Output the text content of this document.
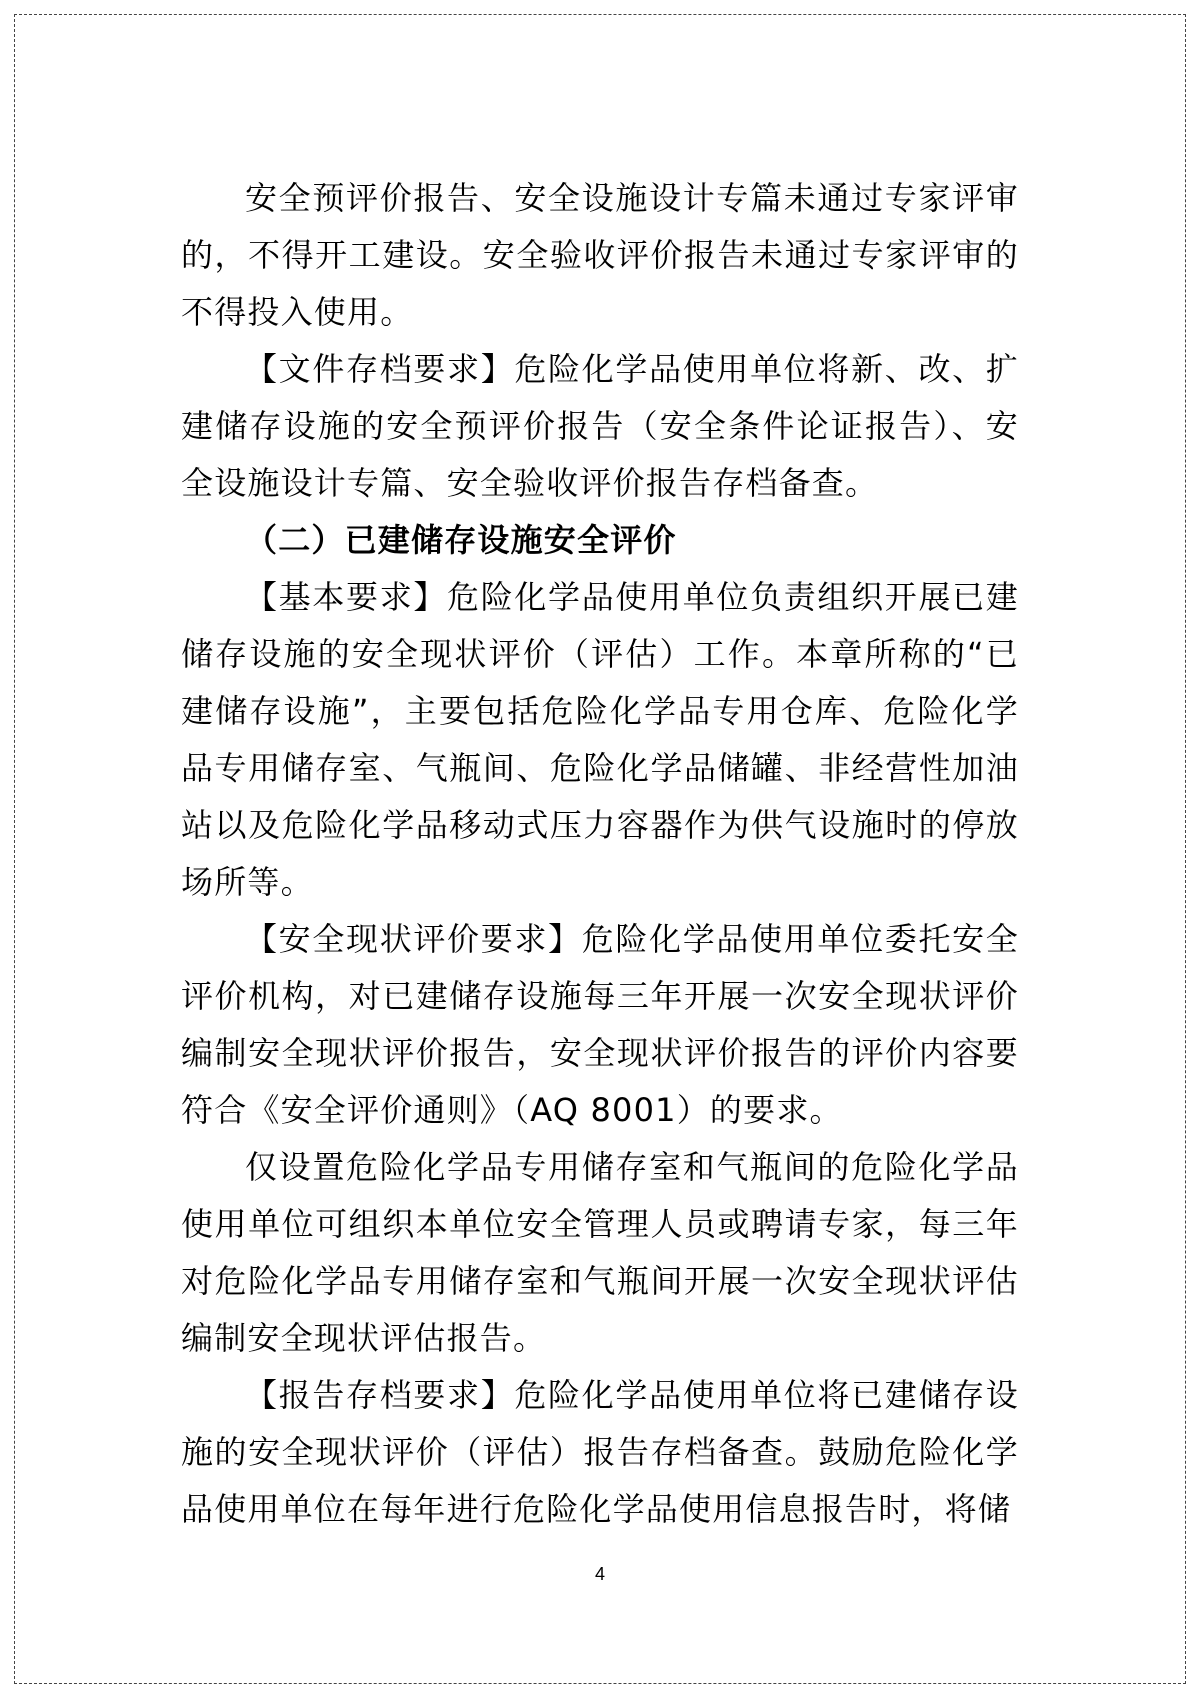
安全预评价报告、安全设施设计专篇未通过专家评审的，不得开工建设。安全验收评价报告未通过专家评审的不得投入使用。

【文件存档要求】危险化学品使用单位将新、改、扩建储存设施的安全预评价报告（安全条件论证报告）、安全设施设计专篇、安全验收评价报告存档备查。

（二）已建储存设施安全评价

【基本要求】危险化学品使用单位负责组织开展已建储存设施的安全现状评价（评估）工作。本章所称的“已建储存设施”，主要包括危险化学品专用仓库、危险化学品专用储存室、气瓶间、危险化学品储罐、非经营性加油站以及危险化学品移动式压力容器作为供气设施时的停放场所等。

【安全现状评价要求】危险化学品使用单位委托安全评价机构，对已建储存设施每三年开展一次安全现状评价编制安全现状评价报告，安全现状评价报告的评价内容要符合《安全评价通则》（AQ 8001）的要求。

仅设置危险化学品专用储存室和气瓶间的危险化学品使用单位可组织本单位安全管理人员或聘请专家，每三年对危险化学品专用储存室和气瓶间开展一次安全现状评估编制安全现状评估报告。

【报告存档要求】危险化学品使用单位将已建储存设施的安全现状评价（评估）报告存档备查。鼓励危险化学品使用单位在每年进行危险化学品使用信息报告时，将储

4
